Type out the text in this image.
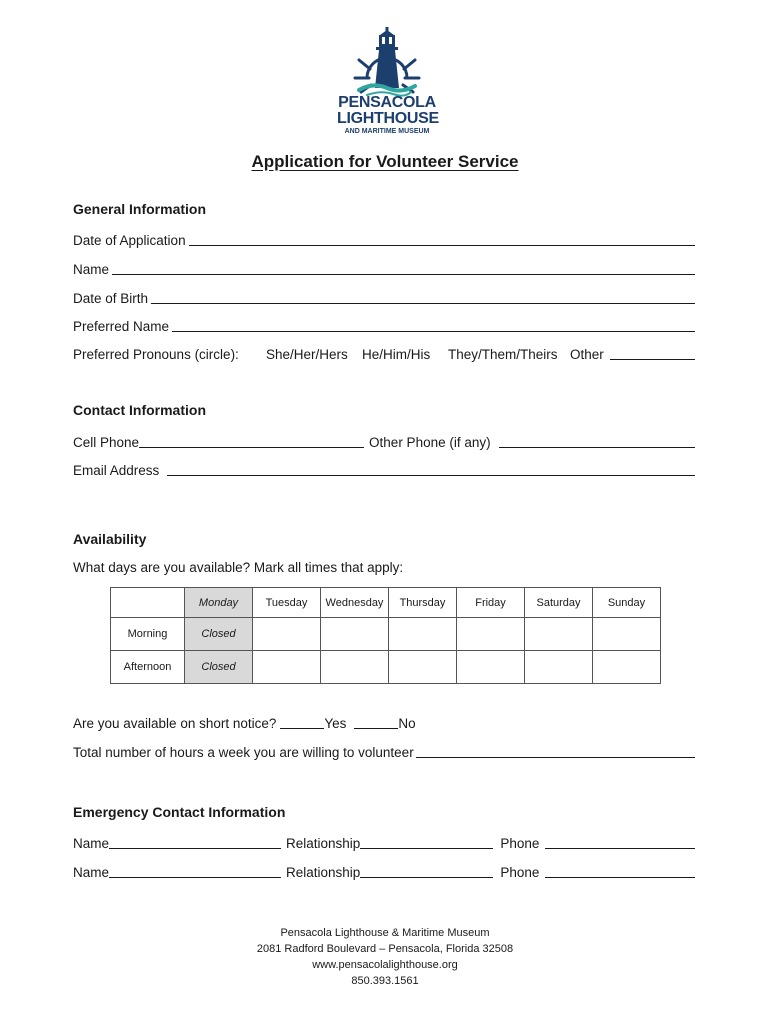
PENSACOLA
LIGHTHOUSE
AND MARITIME MUSEUM
Application for Volunteer Service
General Information
Date of Application
Name
Date of Birth
Preferred Name
Preferred Pronouns (circle):	She/Her/Hers	He/Him/His	They/Them/Theirs Other
Contact Information
Cell Phone	Other Phone (if any)
Email Address
Availability
What days are you available? Mark all times that apply:
	Monday	Tuesday	Wednesday	Thursday	Friday	Saturday	Sunday
Morning	Closed						
Afternoon	Closed						
Are you available on short notice?	Yes	No
Total number of hours a week you are willing to volunteer
Emergency Contact Information
Name	Relationship	Phone
Name	Relationship	Phone
Pensacola Lighthouse & Maritime Museum
2081 Radford Boulevard – Pensacola, Florida 32508
www.pensacolalighthouse.org
850.393.1561
